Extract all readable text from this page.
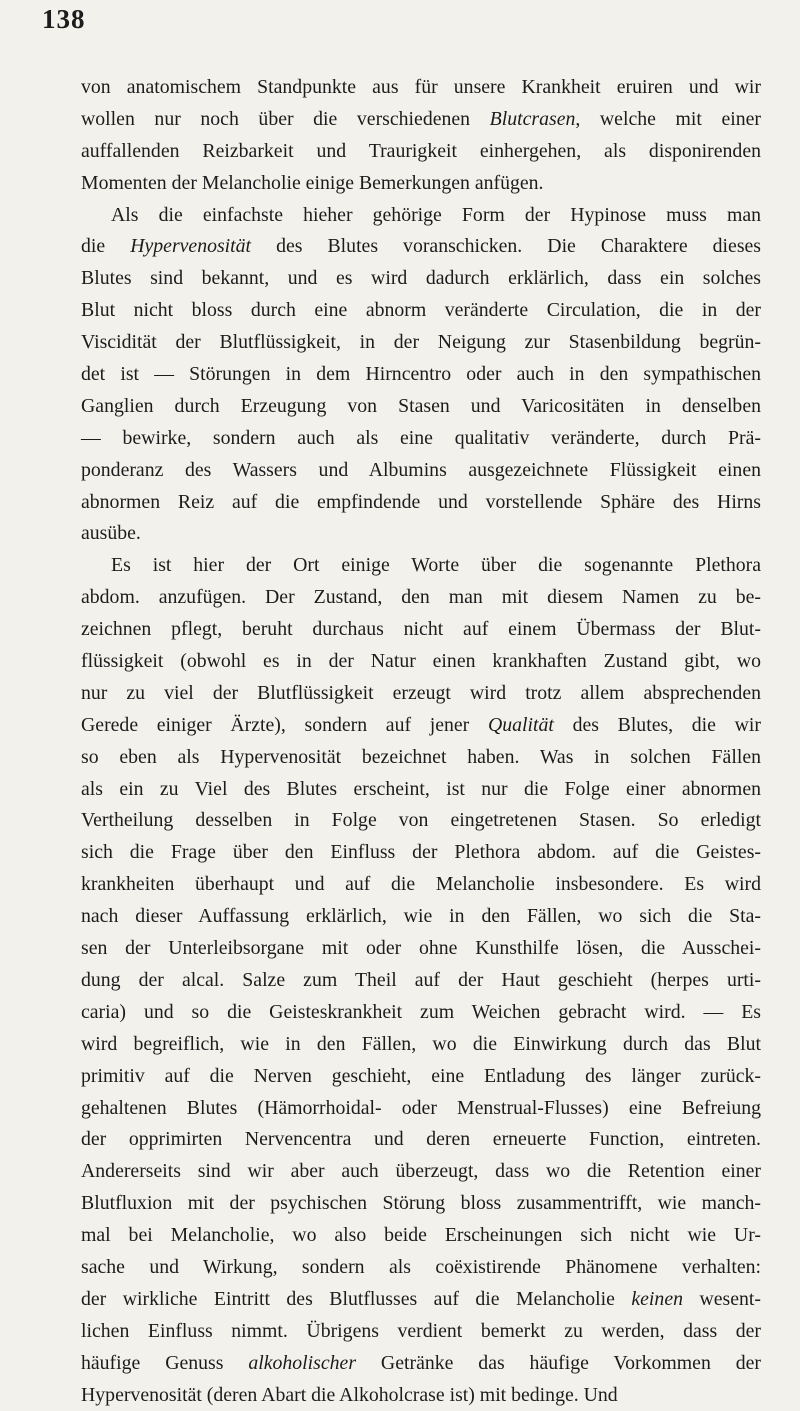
138
von anatomischem Standpunkte aus für unsere Krankheit eruiren und wir
wollen nur noch über die verschiedenen Blutcrasen, welche mit einer
auffallenden Reizbarkeit und Traurigkeit einhergehen, als disponirenden
Momenten der Melancholie einige Bemerkungen anfügen.
Als die einfachste hieher gehörige Form der Hypinose muss man
die Hypervenosität des Blutes voranschicken. Die Charaktere dieses
Blutes sind bekannt, und es wird dadurch erklärlich, dass ein solches
Blut nicht bloss durch eine abnorm veränderte Circulation, die in der
Viscidität der Blutflüssigkeit, in der Neigung zur Stasenbildung begrün-
det ist — Störungen in dem Hirncentro oder auch in den sympathischen
Ganglien durch Erzeugung von Stasen und Varicositäten in denselben
— bewirke, sondern auch als eine qualitativ veränderte, durch Prä-
ponderanz des Wassers und Albumins ausgezeichnete Flüssigkeit einen
abnormen Reiz auf die empfindende und vorstellende Sphäre des Hirns
ausübe.
Es ist hier der Ort einige Worte über die sogenannte Plethora
abdom. anzufügen. Der Zustand, den man mit diesem Namen zu be-
zeichnen pflegt, beruht durchaus nicht auf einem Übermass der Blut-
flüssigkeit (obwohl es in der Natur einen krankhaften Zustand gibt, wo
nur zu viel der Blutflüssigkeit erzeugt wird trotz allem absprechenden
Gerede einiger Ärzte), sondern auf jener Qualität des Blutes, die wir
so eben als Hypervenosität bezeichnet haben. Was in solchen Fällen
als ein zu Viel des Blutes erscheint, ist nur die Folge einer abnormen
Vertheilung desselben in Folge von eingetretenen Stasen. So erledigt
sich die Frage über den Einfluss der Plethora abdom. auf die Geistes-
krankheiten überhaupt und auf die Melancholie insbesondere. Es wird
nach dieser Auffassung erklärlich, wie in den Fällen, wo sich die Sta-
sen der Unterleibsorgane mit oder ohne Kunsthilfe lösen, die Ausschei-
dung der alcal. Salze zum Theil auf der Haut geschieht (herpes urti-
caria) und so die Geisteskrankheit zum Weichen gebracht wird. — Es
wird begreiflich, wie in den Fällen, wo die Einwirkung durch das Blut
primitiv auf die Nerven geschieht, eine Entladung des länger zurück-
gehaltenen Blutes (Hämorrhoidal- oder Menstrual-Flusses) eine Befreiung
der opprimirten Nervencentra und deren erneuerte Function, eintreten.
Andererseits sind wir aber auch überzeugt, dass wo die Retention einer
Blutfluxion mit der psychischen Störung bloss zusammentrifft, wie manch-
mal bei Melancholie, wo also beide Erscheinungen sich nicht wie Ur-
sache und Wirkung, sondern als coëxistirende Phänomene verhalten:
der wirkliche Eintritt des Blutflusses auf die Melancholie keinen wesent-
lichen Einfluss nimmt. Übrigens verdient bemerkt zu werden, dass der
häufige Genuss alkoholischer Getränke das häufige Vorkommen der
Hypervenosität (deren Abart die Alkoholcrase ist) mit bedinge. Und
